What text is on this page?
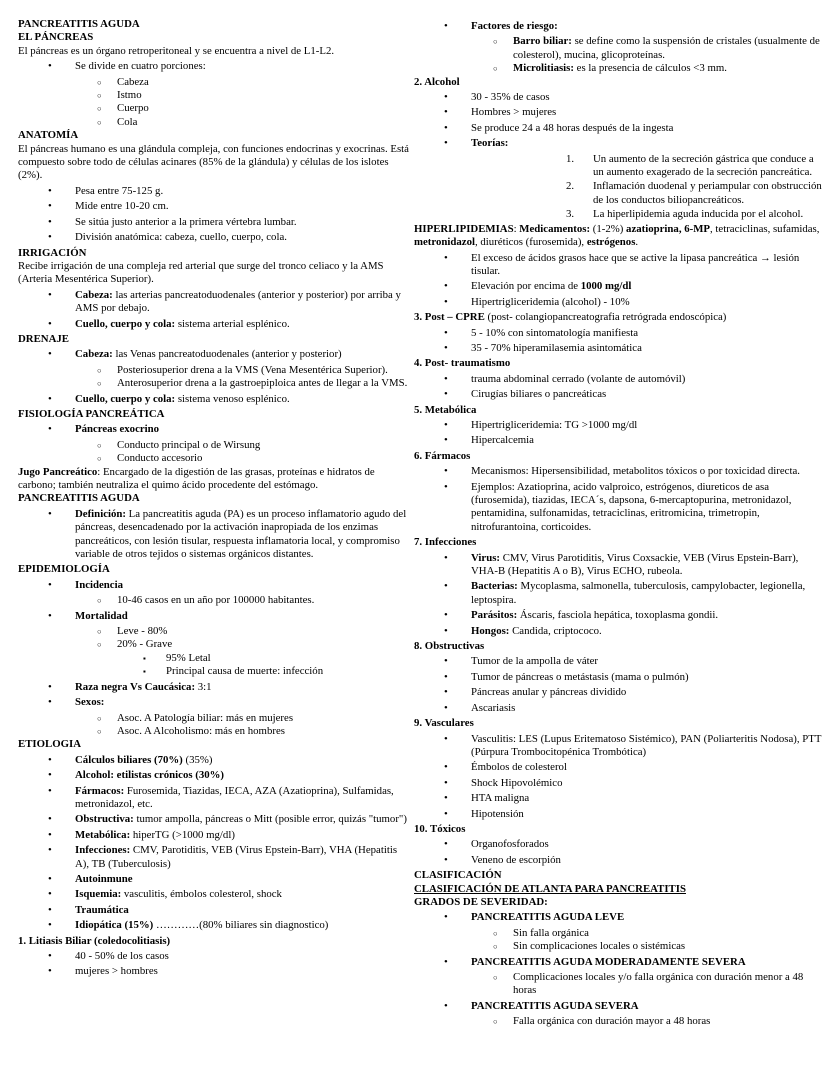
PANCREATITIS AGUDA
EL PÁNCREAS
El páncreas es un órgano retroperitoneal y se encuentra a nivel de L1-L2.
• Se divide en cuatro porciones:
○ Cabeza
○ Istmo
○ Cuerpo
○ Cola
ANATOMÍA
El páncreas humano es una glándula compleja, con funciones endocrinas y exocrinas. Está compuesto sobre todo de células acinares (85% de la glándula) y células de los islotes (2%).
• Pesa entre 75-125 g.
• Mide entre 10-20 cm.
• Se sitúa justo anterior a la primera vértebra lumbar.
• División anatómica: cabeza, cuello, cuerpo, cola.
IRRIGACIÓN
Recibe irrigación de una compleja red arterial que surge del tronco celiaco y la AMS (Arteria Mesentérica Superior).
• Cabeza: las arterias pancreatoduodenales (anterior y posterior) por arriba y AMS por debajo.
• Cuello, cuerpo y cola: sistema arterial esplénico.
DRENAJE
• Cabeza: las Venas pancreatoduodenales (anterior y posterior)
○ Posteriosuperior drena a la VMS (Vena Mesentérica Superior).
○ Anterosuperior drena a la gastroepiploica antes de llegar a la VMS.
• Cuello, cuerpo y cola: sistema venoso esplénico.
FISIOLOGÍA PANCREÁTICA
• Páncreas exocrino
○ Conducto principal o de Wirsung
○ Conducto accesorio
Jugo Pancreático: Encargado de la digestión de las grasas, proteínas e hidratos de carbono; también neutraliza el quimo ácido procedente del estómago.
PANCREATITIS AGUDA
• Definición: La pancreatitis aguda (PA) es un proceso inflamatorio agudo del páncreas, desencadenado por la activación inapropiada de los enzimas pancreáticos, con lesión tisular, respuesta inflamatoria local, y compromiso variable de otros tejidos o sistemas orgánicos distantes.
EPIDEMIOLOGÍA
• Incidencia
○ 10-46 casos en un año por 100000 habitantes.
• Mortalidad
○ Leve - 80%
○ 20% - Grave
▪ 95% Letal
▪ Principal causa de muerte: infección
• Raza negra Vs Caucásica: 3:1
• Sexos:
○ Asoc. A Patología biliar: más en mujeres
○ Asoc. A Alcoholismo: más en hombres
ETIOLOGIA
• Cálculos biliares (70%) (35%)
• Alcohol: etilistas crónicos (30%)
• Fármacos: Furosemida, Tiazidas, IECA, AZA (Azatioprina), Sulfamidas, metronidazol, etc.
• Obstructiva: tumor ampolla, páncreas o Mitt (posible error, quizás "tumor")
• Metabólica: hiperTG (>1000 mg/dl)
• Infecciones: CMV, Parotiditis, VEB (Virus Epstein-Barr), VHA (Hepatitis A), TB (Tuberculosis)
• Autoinmune
• Isquemia: vasculitis, émbolos colesterol, shock
• Traumática
• Idiopática (15%) …………(80% biliares sin diagnostico)
1. Litiasis Biliar (coledocolitiasis)
• 40 - 50% de los casos
• mujeres > hombres
• Factores de riesgo:
○ Barro biliar: se define como la suspensión de cristales (usualmente de colesterol), mucina, glicoproteínas.
○ Microlitiasis: es la presencia de cálculos <3 mm.
2. Alcohol
• 30 - 35% de casos
• Hombres > mujeres
• Se produce 24 a 48 horas después de la ingesta
• Teorías:
1. Un aumento de la secreción gástrica que conduce a un aumento exagerado de la secreción pancreática.
2. Inflamación duodenal y periampular con obstrucción de los conductos biliopancreáticos.
3. La hiperlipidemia aguda inducida por el alcohol.
HIPERLIPIDEMIAS: Medicamentos: (1-2%) azatioprina, 6-MP, tetraciclinas, sufamidas, metronidazol, diuréticos (furosemida), estrógenos.
• El exceso de ácidos grasos hace que se active la lipasa pancreática → lesión tisular.
• Elevación por encima de 1000 mg/dl
• Hipertrigliceridemia (alcohol) - 10%
3. Post – CPRE (post- colangiopancreatografia retrógrada endoscópica)
• 5 - 10% con sintomatología manifiesta
• 35 - 70% hiperamilasemia asintomática
4. Post- traumatismo
• trauma abdominal cerrado (volante de automóvil)
• Cirugías biliares o pancreáticas
5. Metabólica
• Hipertrigliceridemia: TG >1000 mg/dl
• Hipercalcemia
6. Fármacos
• Mecanismos: Hipersensibilidad, metabolitos tóxicos o por toxicidad directa.
• Ejemplos: Azatioprina, acido valproico, estrógenos, diureticos de asa (furosemida), tiazidas, IECA´s, dapsona, 6-mercaptopurina, metronidazol, pentamidina, sulfonamidas, tetraciclinas, eritromicina, trimetropin, nitrofurantoina, corticoides.
7. Infecciones
• Virus: CMV, Virus Parotiditis, Virus Coxsackie, VEB (Virus Epstein-Barr), VHA-B (Hepatitis A o B), Virus ECHO, rubeola.
• Bacterias: Mycoplasma, salmonella, tuberculosis, campylobacter, legionella, leptospira.
• Parásitos: Áscaris, fasciola hepática, toxoplasma gondii.
• Hongos: Candida, criptococo.
8. Obstructivas
• Tumor de la ampolla de váter
• Tumor de páncreas o metástasis (mama o pulmón)
• Páncreas anular y páncreas dividido
• Ascariasis
9. Vasculares
• Vasculitis: LES (Lupus Eritematoso Sistémico), PAN (Poliarteritis Nodosa), PTT (Púrpura Trombocitopénica Trombótica)
• Émbolos de colesterol
• Shock Hipovolémico
• HTA maligna
• Hipotensión
10. Tóxicos
• Organofosforados
• Veneno de escorpión
CLASIFICACIÓN
CLASIFICACIÓN DE ATLANTA PARA PANCREATITIS
GRADOS DE SEVERIDAD:
• PANCREATITIS AGUDA LEVE
○ Sin falla orgánica
○ Sin complicaciones locales o sistémicas
• PANCREATITIS AGUDA MODERADAMENTE SEVERA
○ Complicaciones locales y/o falla orgánica con duración menor a 48 horas
• PANCREATITIS AGUDA SEVERA
○ Falla orgánica con duración mayor a 48 horas
